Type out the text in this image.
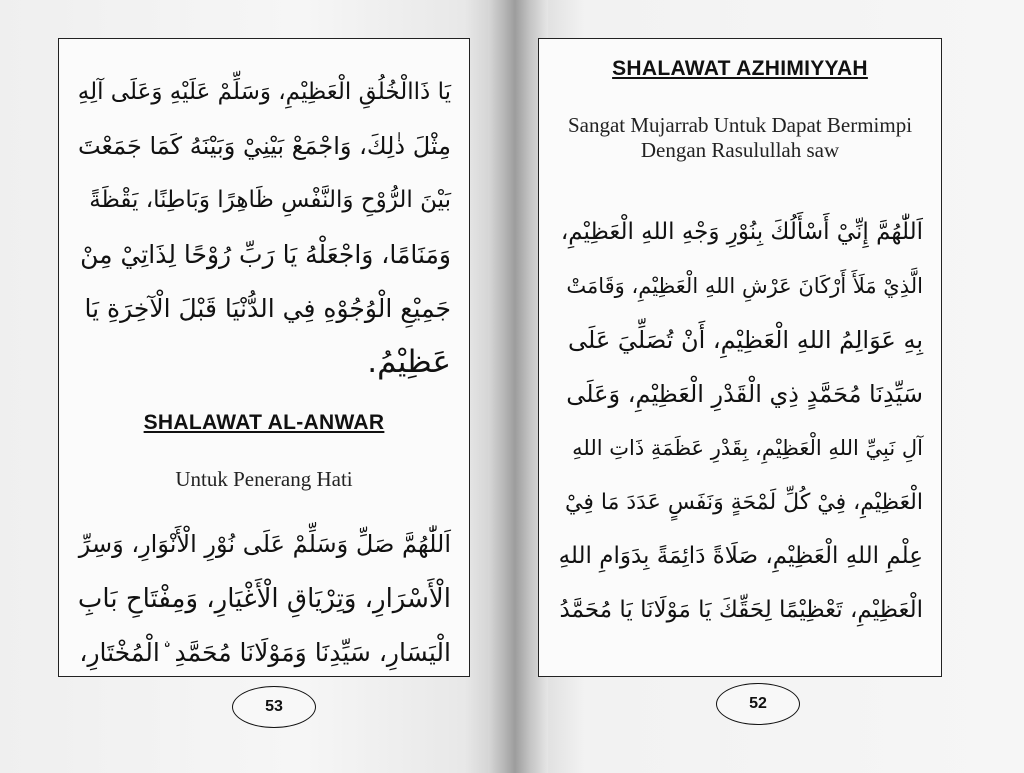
يَا ذَاالْخُلُقِ الْعَظِيْمِ، وَسَلِّمْ عَلَيْهِ وَعَلَى آلِهِ
مِثْلَ ذٰلِكَ، وَاجْمَعْ بَيْنِيْ وَبَيْنَهُ كَمَا جَمَعْتَ
بَيْنَ الرُّوْحِ وَالنَّفْسِ ظَاهِرًا وَبَاطِنًا، يَقْظَةً
وَمَنَامًا، وَاجْعَلْهُ يَا رَبِّ رُوْحًا لِذَاتِيْ مِنْ
جَمِيْعِ الْوُجُوْهِ فِي الدُّنْيَا قَبْلَ الْآخِرَةِ يَا
عَظِيْمُ.
SHALAWAT AL-ANWAR
Untuk Penerang Hati
اَللّٰهُمَّ صَلِّ وَسَلِّمْ عَلَى نُوْرِ الْأَنْوَارِ، وَسِرِّ
الْأَسْرَارِ، وَتِرْيَاقِ الْأَغْيَارِ، وَمِفْتَاحِ بَابِ
الْيَسَارِ، سَيِّدِنَا وَمَوْلَانَا مُحَمَّدِ ۨالْمُخْتَارِ،
SHALAWAT AZHIMIYYAH
Sangat Mujarrab Untuk Dapat Bermimpi
Dengan Rasulullah saw
اَللّٰهُمَّ إِنِّيْ أَسْأَلُكَ بِنُوْرِ وَجْهِ اللهِ الْعَظِيْمِ،
الَّذِيْ مَلَأَ أَرْكَانَ عَرْشِ اللهِ الْعَظِيْمِ، وَقَامَتْ
بِهِ عَوَالِمُ اللهِ الْعَظِيْمِ، أَنْ تُصَلِّيَ عَلَى
سَيِّدِنَا مُحَمَّدٍ ذِي الْقَدْرِ الْعَظِيْمِ، وَعَلَى
آلِ نَبِيِّ اللهِ الْعَظِيْمِ، بِقَدْرِ عَظَمَةِ ذَاتِ اللهِ
الْعَظِيْمِ، فِيْ كُلِّ لَمْحَةٍ وَنَفَسٍ عَدَدَ مَا فِيْ
عِلْمِ اللهِ الْعَظِيْمِ، صَلَاةً دَائِمَةً بِدَوَامِ اللهِ
الْعَظِيْمِ، تَعْظِيْمًا لِحَقِّكَ يَا مَوْلَانَا يَا مُحَمَّدُ
53	52
